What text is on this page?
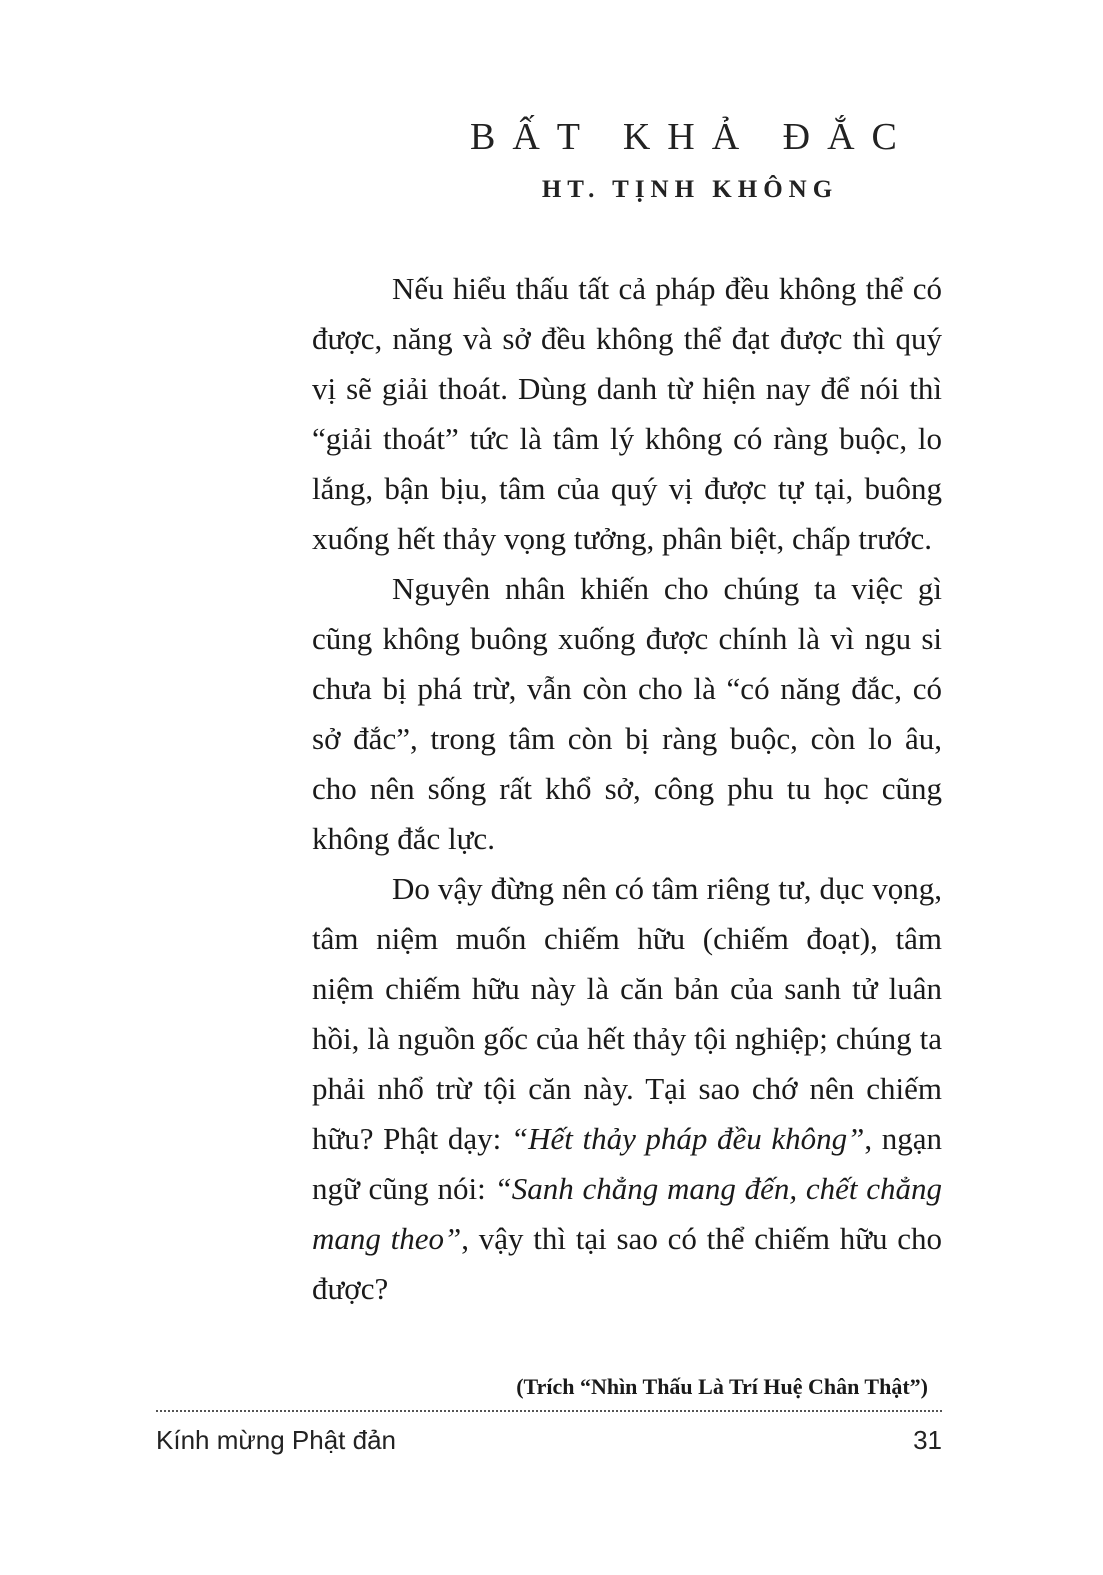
BẤT KHẢ ĐẮC
HT. TỊNH KHÔNG

Nếu hiểu thấu tất cả pháp đều không thể có được, năng và sở đều không thể đạt được thì quý vị sẽ giải thoát. Dùng danh từ hiện nay để nói thì “giải thoát” tức là tâm lý không có ràng buộc, lo lắng, bận bịu, tâm của quý vị được tự tại, buông xuống hết thảy vọng tưởng, phân biệt, chấp trước.

Nguyên nhân khiến cho chúng ta việc gì cũng không buông xuống được chính là vì ngu si chưa bị phá trừ, vẫn còn cho là “có năng đắc, có sở đắc”, trong tâm còn bị ràng buộc, còn lo âu, cho nên sống rất khổ sở, công phu tu học cũng không đắc lực.

Do vậy đừng nên có tâm riêng tư, dục vọng, tâm niệm muốn chiếm hữu (chiếm đoạt), tâm niệm chiếm hữu này là căn bản của sanh tử luân hồi, là nguồn gốc của hết thảy tội nghiệp; chúng ta phải nhổ trừ tội căn này. Tại sao chớ nên chiếm hữu? Phật dạy: “Hết thảy pháp đều không”, ngạn ngữ cũng nói: “Sanh chẳng mang đến, chết chẳng mang theo”, vậy thì tại sao có thể chiếm hữu cho được?

(Trích “Nhìn Thấu Là Trí Huệ Chân Thật”)
Kính mừng Phật đản	31
